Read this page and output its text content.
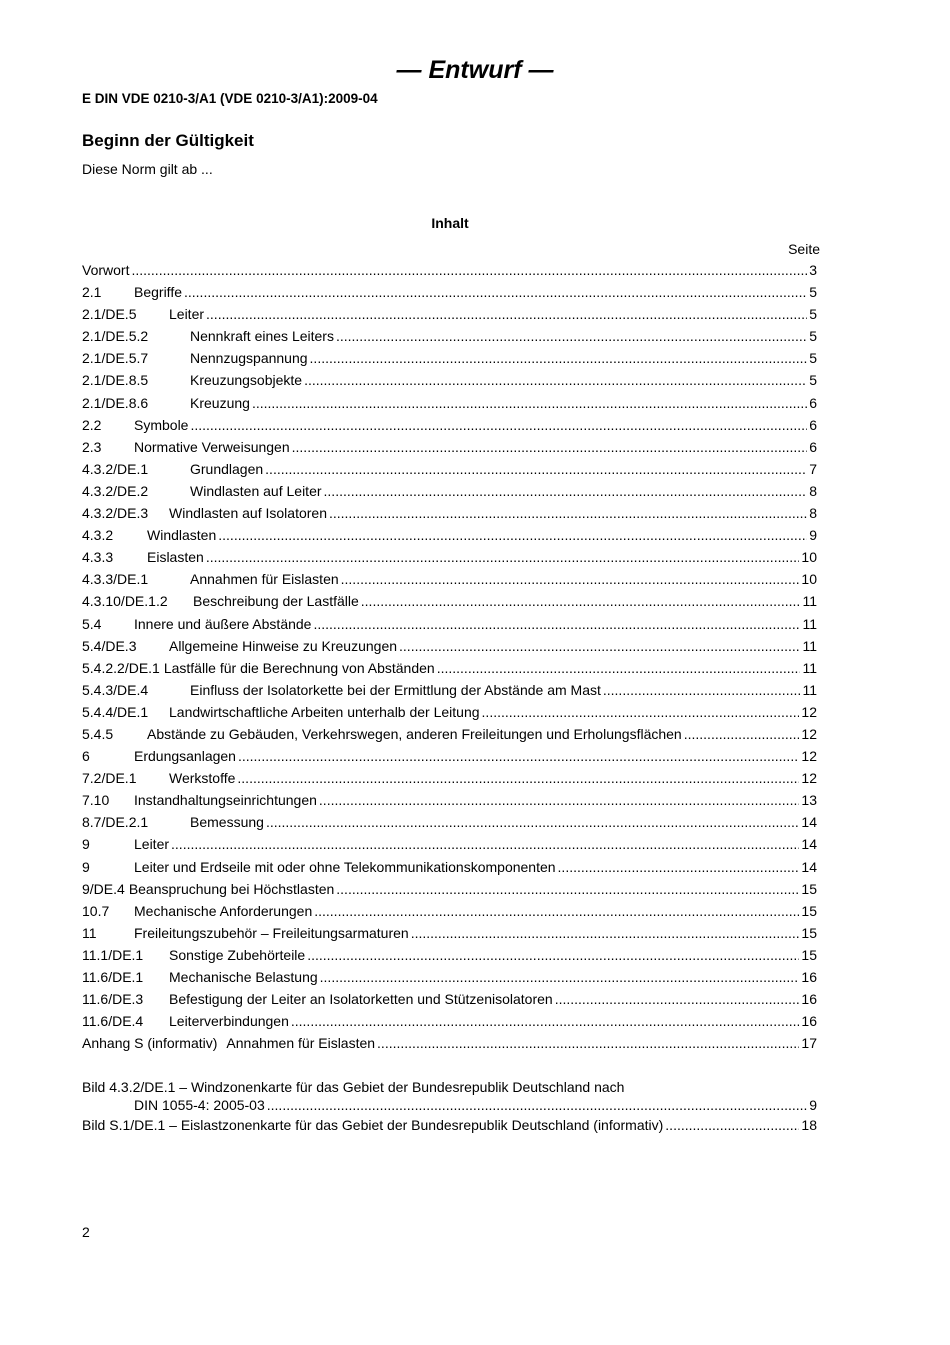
— Entwurf —
E DIN VDE 0210-3/A1 (VDE 0210-3/A1):2009-04
Beginn der Gültigkeit
Diese Norm gilt ab ...
Inhalt
Seite
Vorwort .....	3
2.1	Begriffe .....	5
2.1/DE.5	Leiter .....	5
2.1/DE.5.2	Nennkraft eines Leiters .....	5
2.1/DE.5.7	Nennzugspannung .....	5
2.1/DE.8.5	Kreuzungsobjekte .....	5
2.1/DE.8.6	Kreuzung .....	6
2.2	Symbole .....	6
2.3	Normative Verweisungen .....	6
4.3.2/DE.1	Grundlagen .....	7
4.3.2/DE.2	Windlasten auf Leiter .....	8
4.3.2/DE.3	Windlasten auf Isolatoren .....	8
4.3.2	Windlasten .....	9
4.3.3	Eislasten .....	10
4.3.3/DE.1	Annahmen für Eislasten .....	10
4.3.10/DE.1.2	Beschreibung der Lastfälle .....	11
5.4	Innere und äußere Abstände .....	11
5.4/DE.3	Allgemeine Hinweise zu Kreuzungen .....	11
5.4.2.2/DE.1 Lastfälle für die Berechnung von Abständen .....	11
5.4.3/DE.4	Einfluss der Isolatorkette bei der Ermittlung der Abstände am Mast .....	11
5.4.4/DE.1	Landwirtschaftliche Arbeiten unterhalb der Leitung .....	12
5.4.5	Abstände zu Gebäuden, Verkehrswegen, anderen Freileitungen und Erholungsflächen .....	12
6	Erdungsanlagen .....	12
7.2/DE.1	Werkstoffe .....	12
7.10	Instandhaltungseinrichtungen .....	13
8.7/DE.2.1	Bemessung .....	14
9	Leiter .....	14
9	Leiter und Erdseile mit oder ohne Telekommunikationskomponenten .....	14
9/DE.4 Beanspruchung bei Höchstlasten .....	15
10.7	Mechanische Anforderungen .....	15
11	Freileitungszubehör – Freileitungsarmaturen .....	15
11.1/DE.1	Sonstige Zubehörteile .....	15
11.6/DE.1	Mechanische Belastung .....	16
11.6/DE.3	Befestigung der Leiter an Isolatorketten und Stützenisolatoren .....	16
11.6/DE.4	Leiterverbindungen .....	16
Anhang S (informativ) Annahmen für Eislasten .....	17
Bild 4.3.2/DE.1 – Windzonenkarte für das Gebiet der Bundesrepublik Deutschland nach
DIN 1055-4: 2005-03 .....	9
Bild S.1/DE.1 – Eislastzonenkarte für das Gebiet der Bundesrepublik Deutschland (informativ) .....	18
2
